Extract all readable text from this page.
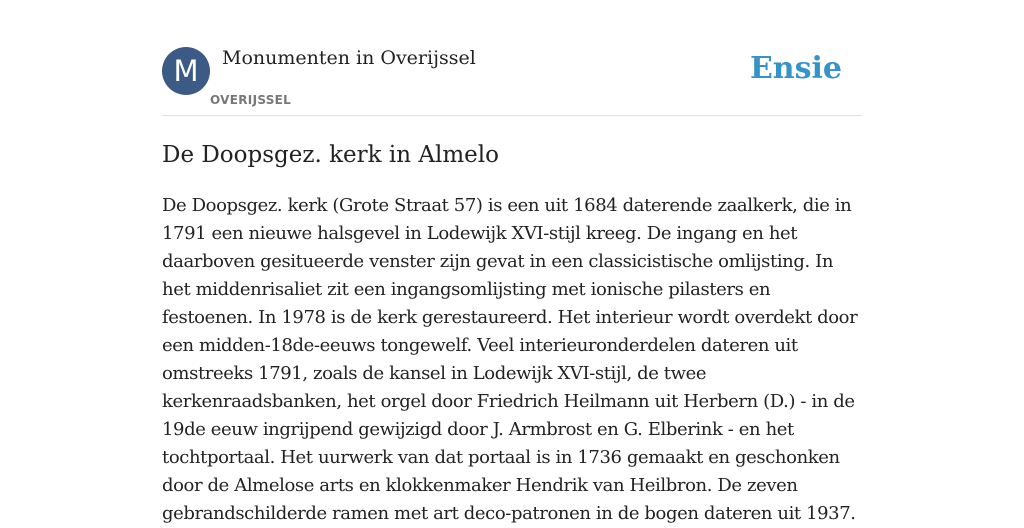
M	Monumenten in Overijssel
OVERIJSSEL
Ensie
De Doopsgez. kerk in Almelo

De Doopsgez. kerk (Grote Straat 57) is een uit 1684 daterende zaalkerk, die in 1791 een nieuwe halsgevel in Lodewijk XVI-stijl kreeg. De ingang en het daarboven gesitueerde venster zijn gevat in een classicistische omlijsting. In het middenrisaliet zit een ingangsomlijsting met ionische pilasters en festoenen. In 1978 is de kerk gerestaureerd. Het interieur wordt overdekt door een midden-18de-eeuws tongewelf. Veel interieuronderdelen dateren uit omstreeks 1791, zoals de kansel in Lodewijk XVI-stijl, de twee kerkenraadsbanken, het orgel door Friedrich Heilmann uit Herbern (D.) - in de 19de eeuw ingrijpend gewijzigd door J. Armbrost en G. Elberink - en het tochtportaal. Het uurwerk van dat portaal is in 1736 gemaakt en geschonken door de Almelose arts en klokkenmaker Hendrik van Heilbron. De zeven gebrandschilderde ramen met art deco-patronen in de bogen dateren uit 1937.
